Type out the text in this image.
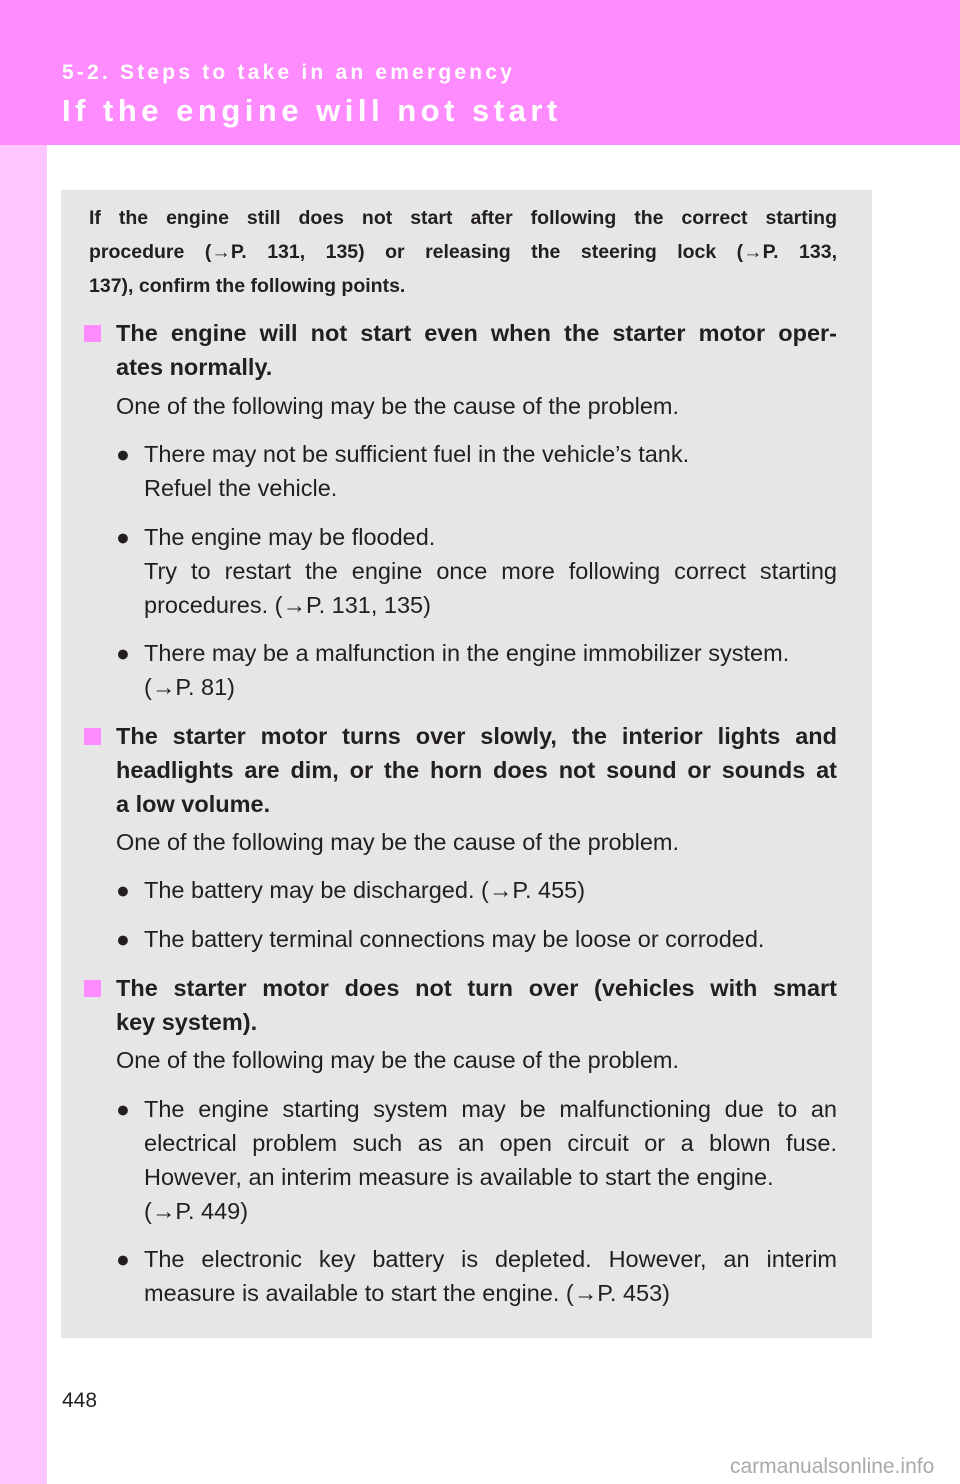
5-2. Steps to take in an emergency
If the engine will not start
If the engine still does not start after following the correct starting
procedure (→P. 131, 135) or releasing the steering lock (→P. 133,
137), confirm the following points.
The engine will not start even when the starter motor oper-
ates normally.
One of the following may be the cause of the problem.
● There may not be sufficient fuel in the vehicle’s tank.
Refuel the vehicle.
● The engine may be flooded.
Try to restart the engine once more following correct starting
procedures. (→P. 131, 135)
● There may be a malfunction in the engine immobilizer system.
(→P. 81)
The starter motor turns over slowly, the interior lights and
headlights are dim, or the horn does not sound or sounds at
a low volume.
One of the following may be the cause of the problem.
● The battery may be discharged. (→P. 455)
● The battery terminal connections may be loose or corroded.
The starter motor does not turn over (vehicles with smart
key system).
One of the following may be the cause of the problem.
● The engine starting system may be malfunctioning due to an
electrical problem such as an open circuit or a blown fuse.
However, an interim measure is available to start the engine.
(→P. 449)
● The electronic key battery is depleted. However, an interim
measure is available to start the engine. (→P. 453)
448
carmanualsonline.info
